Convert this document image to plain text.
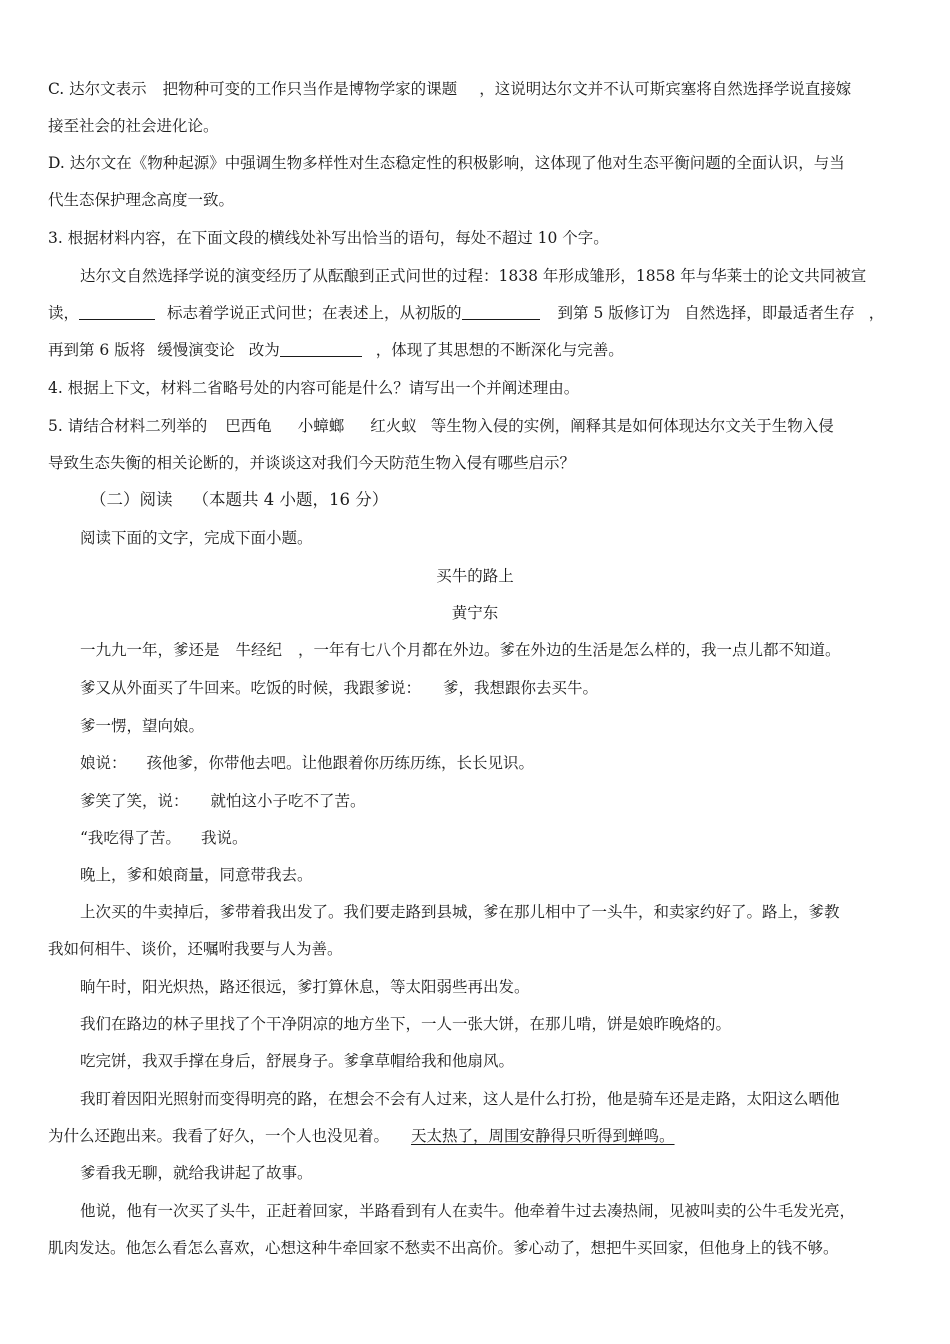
C. 达尔文表示 把物种可变的工作只当作是博物学家的课题 ，这说明达尔文并不认可斯宾塞将自然选择学说直接嫁
接至社会的社会进化论。
D. 达尔文在《物种起源》中强调生物多样性对生态稳定性的积极影响，这体现了他对生态平衡问题的全面认识，与当
代生态保护理念高度一致。
3. 根据材料内容，在下面文段的横线处补写出恰当的语句，每处不超过 10 个字。
达尔文自然选择学说的演变经历了从酝酿到正式问世的过程：1838 年形成雏形，1858 年与华莱士的论文共同被宣
读，	标志着学说正式问世；在表述上，从初版的	到第 5 版修订为 自然选择，即最适者生存 ，
再到第 6 版将 缓慢演变论 改为	，体现了其思想的不断深化与完善。
4. 根据上下文，材料二省略号处的内容可能是什么？请写出一个并阐述理由。
5. 请结合材料二列举的 巴西龟 小蟑螂 红火蚁 等生物入侵的实例，阐释其是如何体现达尔文关于生物入侵
导致生态失衡的相关论断的，并谈谈这对我们今天防范生物入侵有哪些启示？
（二）阅读 （本题共 4 小题，16 分）
阅读下面的文字，完成下面小题。
买牛的路上
黄宁东
一九九一年，爹还是 牛经纪 ，一年有七八个月都在外边。爹在外边的生活是怎么样的，我一点儿都不知道。
爹又从外面买了牛回来。吃饭的时候，我跟爹说： 爹，我想跟你去买牛。
爹一愣，望向娘。
娘说： 孩他爹，你带他去吧。让他跟着你历练历练，长长见识。
爹笑了笑，说： 就怕这小子吃不了苦。
“我吃得了苦。 我说。
晚上，爹和娘商量，同意带我去。
上次买的牛卖掉后，爹带着我出发了。我们要走路到县城，爹在那儿相中了一头牛，和卖家约好了。路上，爹教
我如何相牛、谈价，还嘱咐我要与人为善。
晌午时，阳光炽热，路还很远，爹打算休息，等太阳弱些再出发。
我们在路边的林子里找了个干净阴凉的地方坐下，一人一张大饼，在那儿啃，饼是娘昨晚烙的。
吃完饼，我双手撑在身后，舒展身子。爹拿草帽给我和他扇风。
我盯着因阳光照射而变得明亮的路，在想会不会有人过来，这人是什么打扮，他是骑车还是走路，太阳这么晒他
为什么还跑出来。我看了好久，一个人也没见着。 天太热了，周围安静得只听得到蝉鸣。
爹看我无聊，就给我讲起了故事。
他说，他有一次买了头牛，正赶着回家，半路看到有人在卖牛。他牵着牛过去凑热闹，见被叫卖的公牛毛发光亮，
肌肉发达。他怎么看怎么喜欢，心想这种牛牵回家不愁卖不出高价。爹心动了，想把牛买回家，但他身上的钱不够。
